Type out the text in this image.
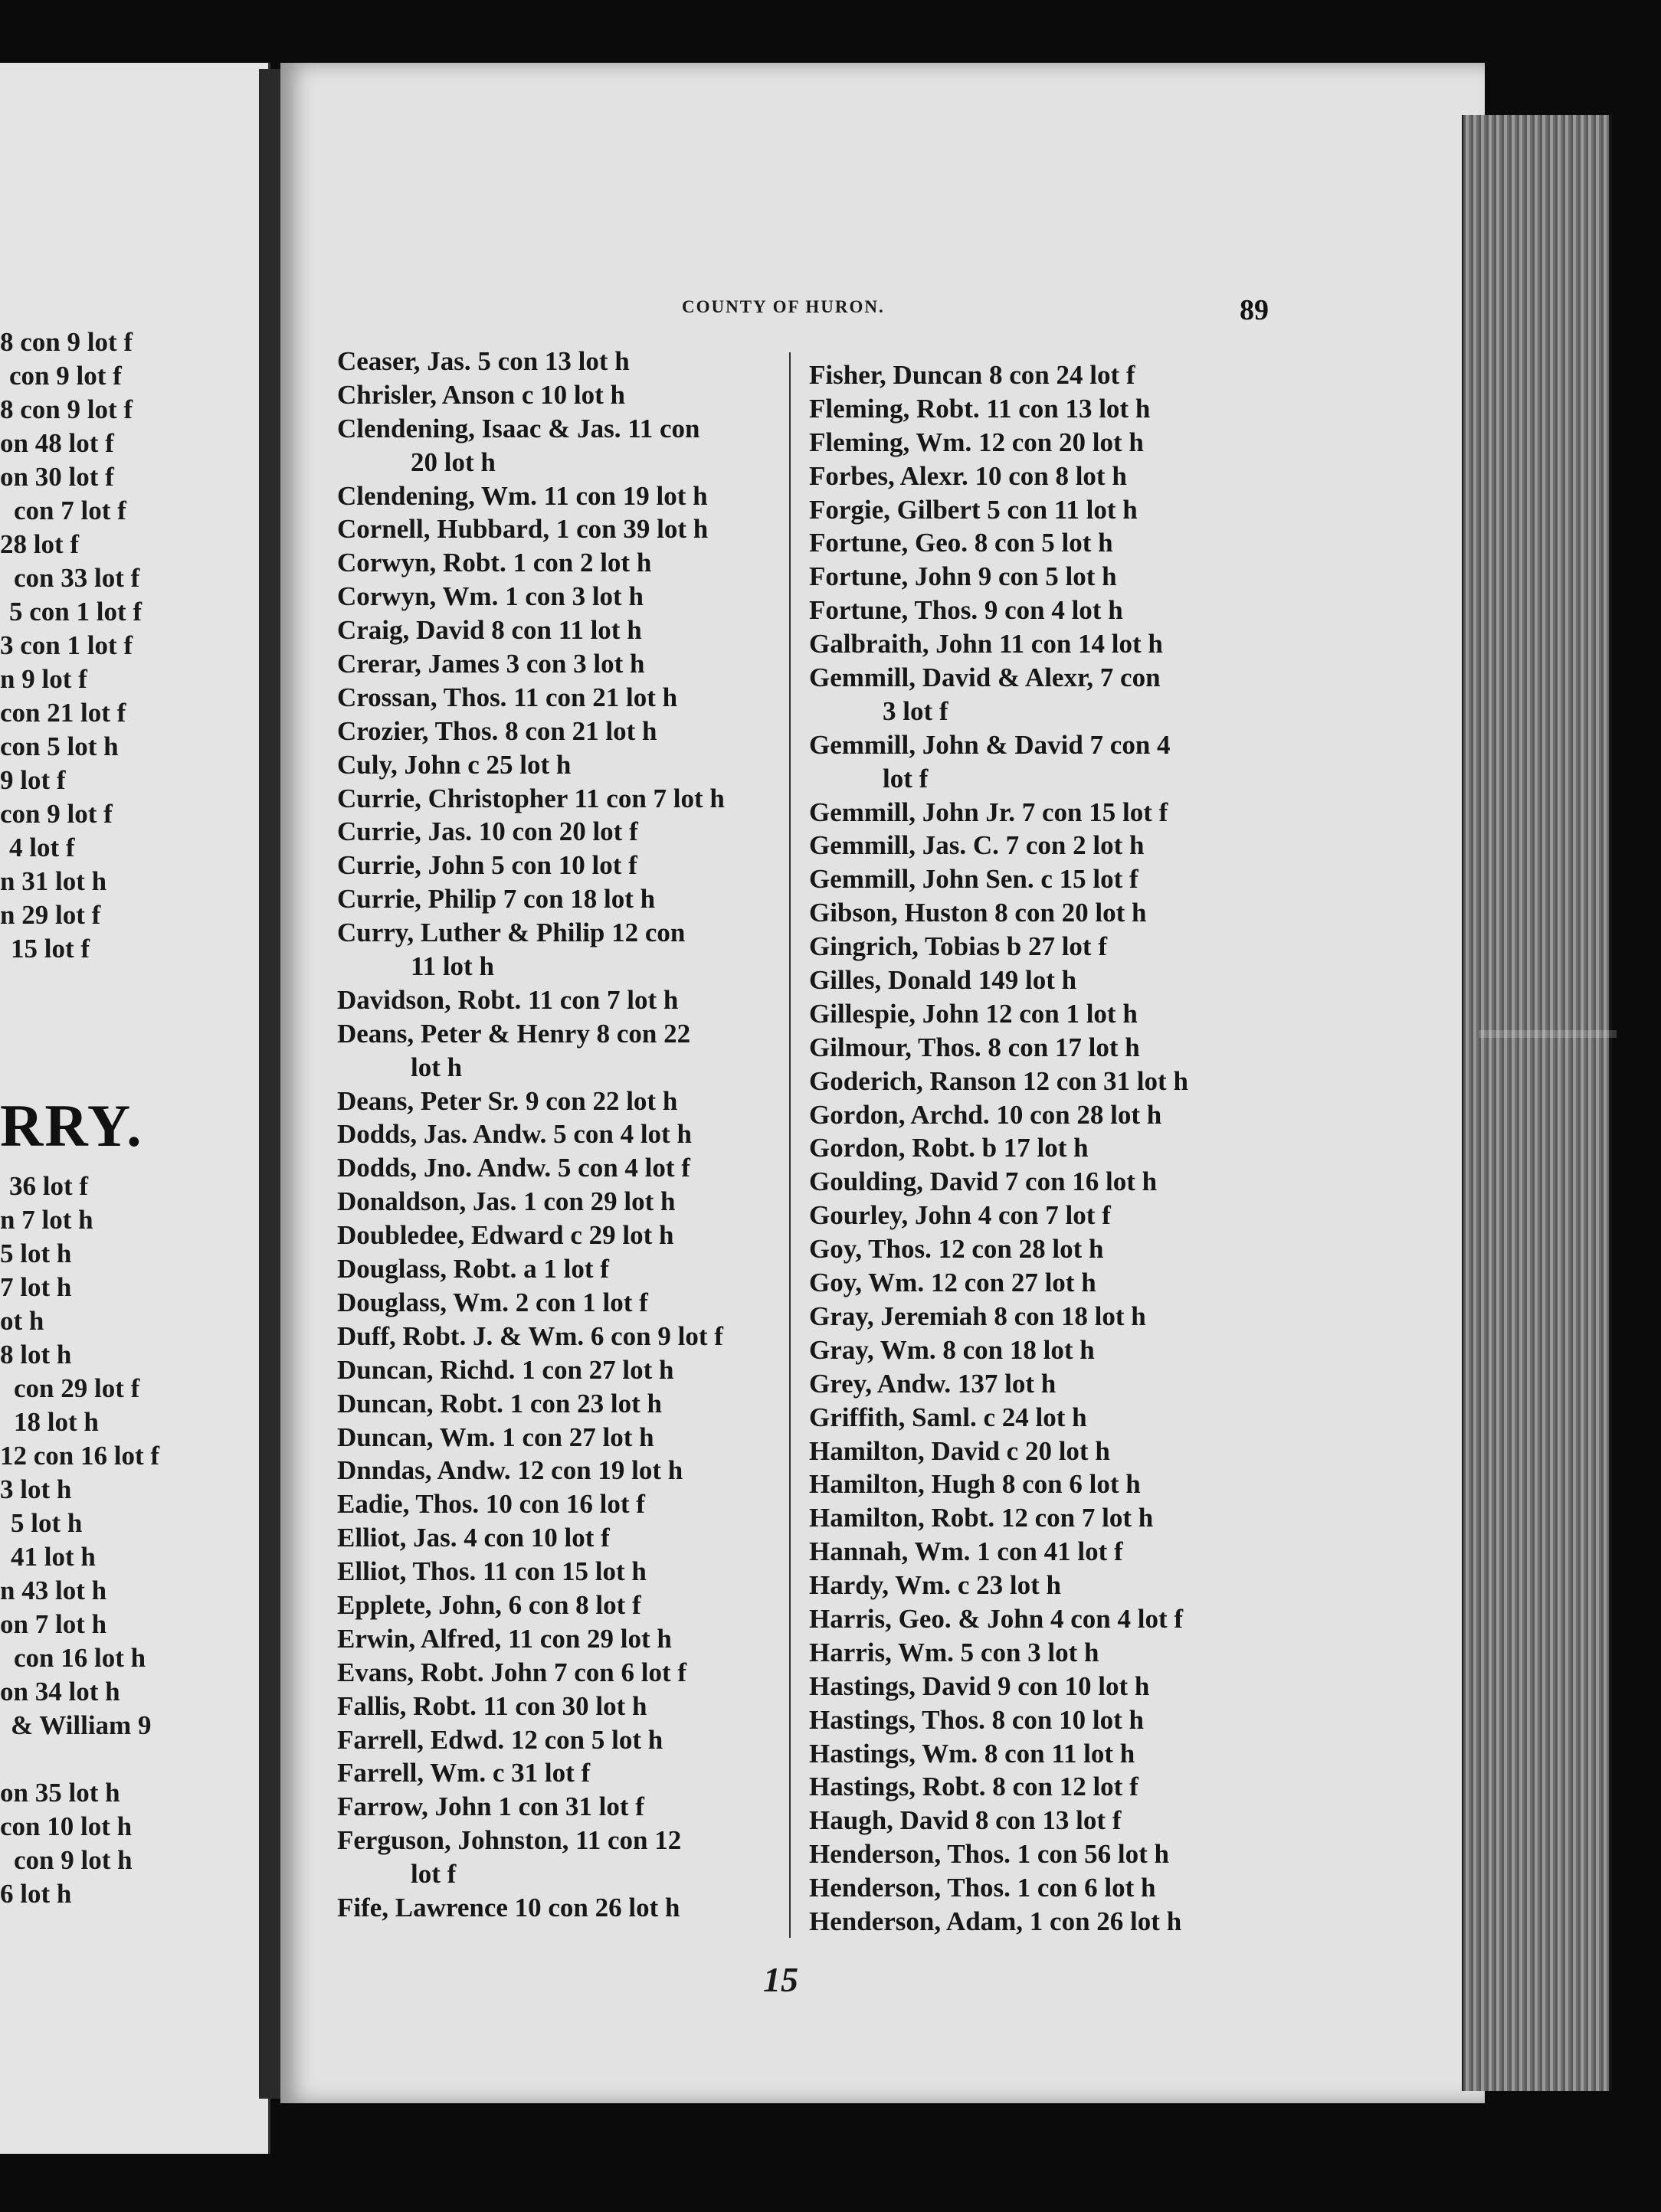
8 con 9 lot f
con 9 lot f
8 con 9 lot f
on 48 lot f
on 30 lot f
con 7 lot f
28 lot f
con 33 lot f
5 con 1 lot f
3 con 1 lot f
n 9 lot f
con 21 lot f
con 5 lot h
9 lot f
con 9 lot f
4 lot f
n 31 lot h
n 29 lot f
15 lot f
36 lot f
n 7 lot h
5 lot h
7 lot h
ot h
8 lot h
con 29 lot f
18 lot h
12 con 16 lot f
3 lot h
5 lot h
41 lot h
n 43 lot h
on 7 lot h
con 16 lot h
on 34 lot h
& William 9
on 35 lot h
con 10 lot h
con 9 lot h
6 lot h
RRY.
COUNTY OF HURON.	89
Ceaser, Jas. 5 con 13 lot h
Chrisler, Anson c 10 lot h
Clendening, Isaac & Jas. 11 con
20 lot h
Clendening, Wm. 11 con 19 lot h
Cornell, Hubbard, 1 con 39 lot h
Corwyn, Robt. 1 con 2 lot h
Corwyn, Wm. 1 con 3 lot h
Craig, David 8 con 11 lot h
Crerar, James 3 con 3 lot h
Crossan, Thos. 11 con 21 lot h
Crozier, Thos. 8 con 21 lot h
Culy, John c 25 lot h
Currie, Christopher 11 con 7 lot h
Currie, Jas. 10 con 20 lot f
Currie, John 5 con 10 lot f
Currie, Philip 7 con 18 lot h
Curry, Luther & Philip 12 con
11 lot h
Davidson, Robt. 11 con 7 lot h
Deans, Peter & Henry 8 con 22
lot h
Deans, Peter Sr. 9 con 22 lot h
Dodds, Jas. Andw. 5 con 4 lot h
Dodds, Jno. Andw. 5 con 4 lot f
Donaldson, Jas. 1 con 29 lot h
Doubledee, Edward c 29 lot h
Douglass, Robt. a 1 lot f
Douglass, Wm. 2 con 1 lot f
Duff, Robt. J. & Wm. 6 con 9 lot f
Duncan, Richd. 1 con 27 lot h
Duncan, Robt. 1 con 23 lot h
Duncan, Wm. 1 con 27 lot h
Dnndas, Andw. 12 con 19 lot h
Eadie, Thos. 10 con 16 lot f
Elliot, Jas. 4 con 10 lot f
Elliot, Thos. 11 con 15 lot h
Epplete, John, 6 con 8 lot f
Erwin, Alfred, 11 con 29 lot h
Evans, Robt. John 7 con 6 lot f
Fallis, Robt. 11 con 30 lot h
Farrell, Edwd. 12 con 5 lot h
Farrell, Wm. c 31 lot f
Farrow, John 1 con 31 lot f
Ferguson, Johnston, 11 con 12
lot f
Fife, Lawrence 10 con 26 lot h
Fisher, Duncan 8 con 24 lot f
Fleming, Robt. 11 con 13 lot h
Fleming, Wm. 12 con 20 lot h
Forbes, Alexr. 10 con 8 lot h
Forgie, Gilbert 5 con 11 lot h
Fortune, Geo. 8 con 5 lot h
Fortune, John 9 con 5 lot h
Fortune, Thos. 9 con 4 lot h
Galbraith, John 11 con 14 lot h
Gemmill, David & Alexr, 7 con
3 lot f
Gemmill, John & David 7 con 4
lot f
Gemmill, John Jr. 7 con 15 lot f
Gemmill, Jas. C. 7 con 2 lot h
Gemmill, John Sen. c 15 lot f
Gibson, Huston 8 con 20 lot h
Gingrich, Tobias b 27 lot f
Gilles, Donald 149 lot h
Gillespie, John 12 con 1 lot h
Gilmour, Thos. 8 con 17 lot h
Goderich, Ranson 12 con 31 lot h
Gordon, Archd. 10 con 28 lot h
Gordon, Robt. b 17 lot h
Goulding, David 7 con 16 lot h
Gourley, John 4 con 7 lot f
Goy, Thos. 12 con 28 lot h
Goy, Wm. 12 con 27 lot h
Gray, Jeremiah 8 con 18 lot h
Gray, Wm. 8 con 18 lot h
Grey, Andw. 137 lot h
Griffith, Saml. c 24 lot h
Hamilton, David c 20 lot h
Hamilton, Hugh 8 con 6 lot h
Hamilton, Robt. 12 con 7 lot h
Hannah, Wm. 1 con 41 lot f
Hardy, Wm. c 23 lot h
Harris, Geo. & John 4 con 4 lot f
Harris, Wm. 5 con 3 lot h
Hastings, David 9 con 10 lot h
Hastings, Thos. 8 con 10 lot h
Hastings, Wm. 8 con 11 lot h
Hastings, Robt. 8 con 12 lot f
Haugh, David 8 con 13 lot f
Henderson, Thos. 1 con 56 lot h
Henderson, Thos. 1 con 6 lot h
Henderson, Adam, 1 con 26 lot h
15
